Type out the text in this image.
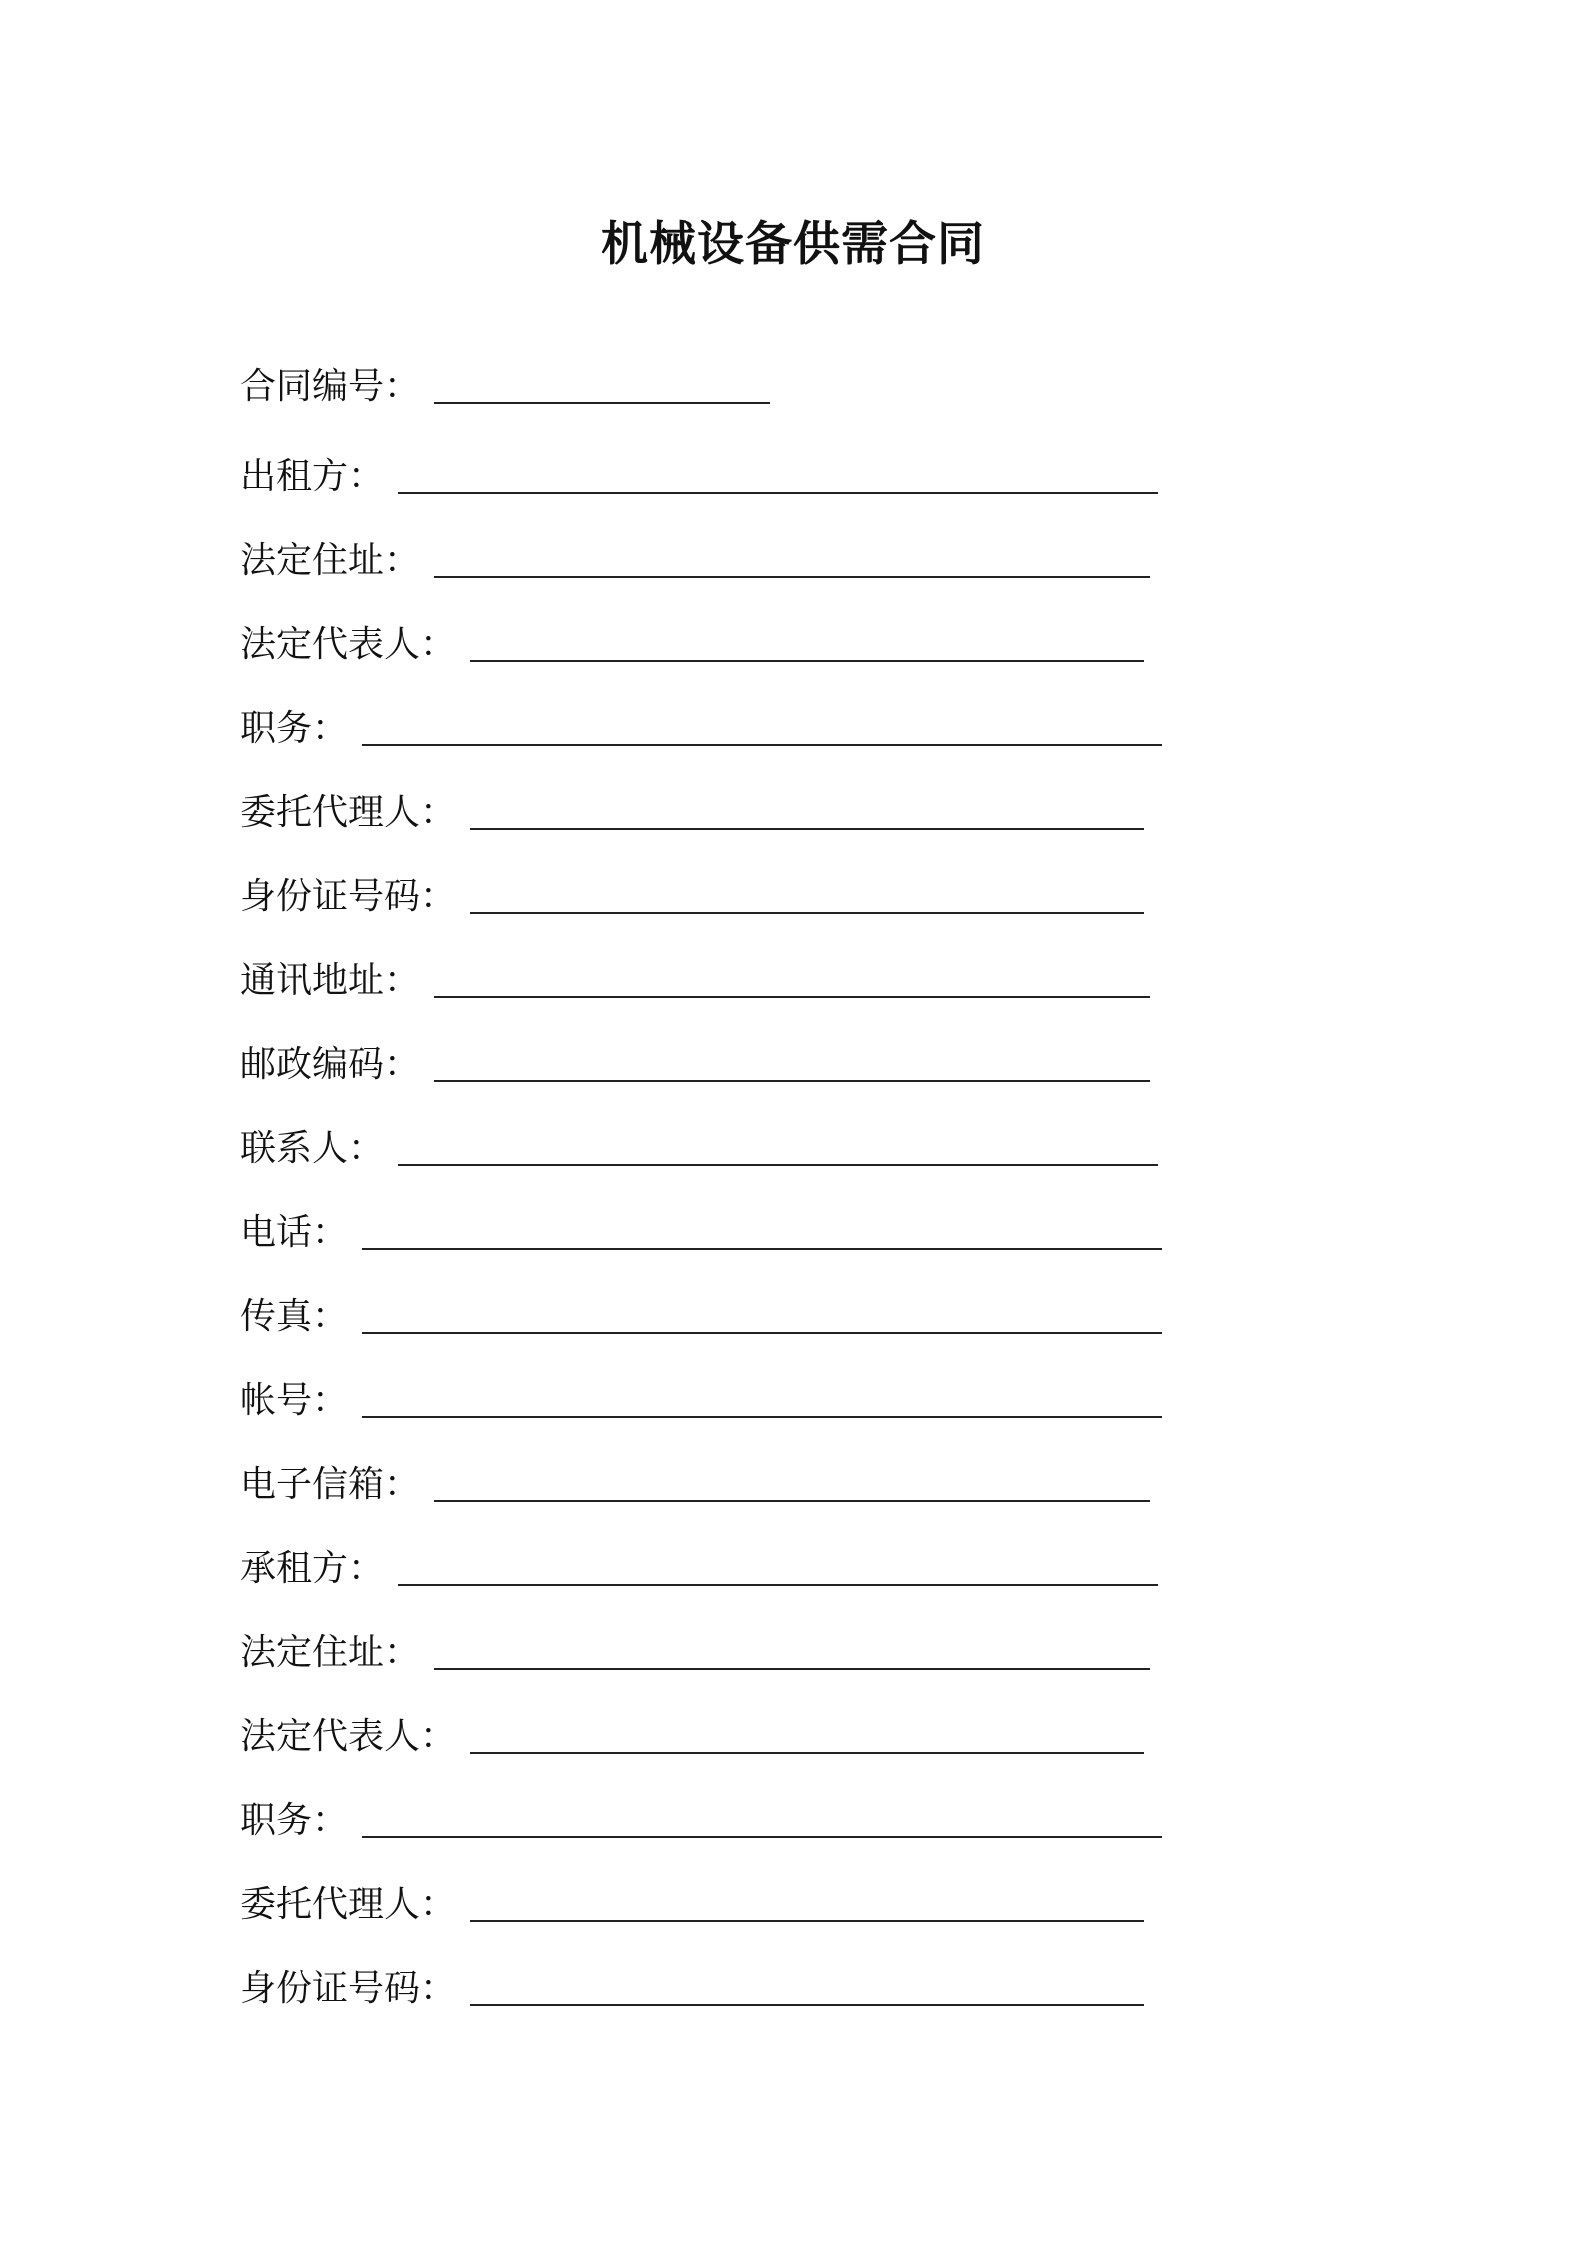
机械设备供需合同
合同编号：
出租方：
法定住址：
法定代表人：
职务：
委托代理人：
身份证号码：
通讯地址：
邮政编码：
联系人：
电话：
传真：
帐号：
电子信箱：
承租方：
法定住址：
法定代表人：
职务：
委托代理人：
身份证号码：
